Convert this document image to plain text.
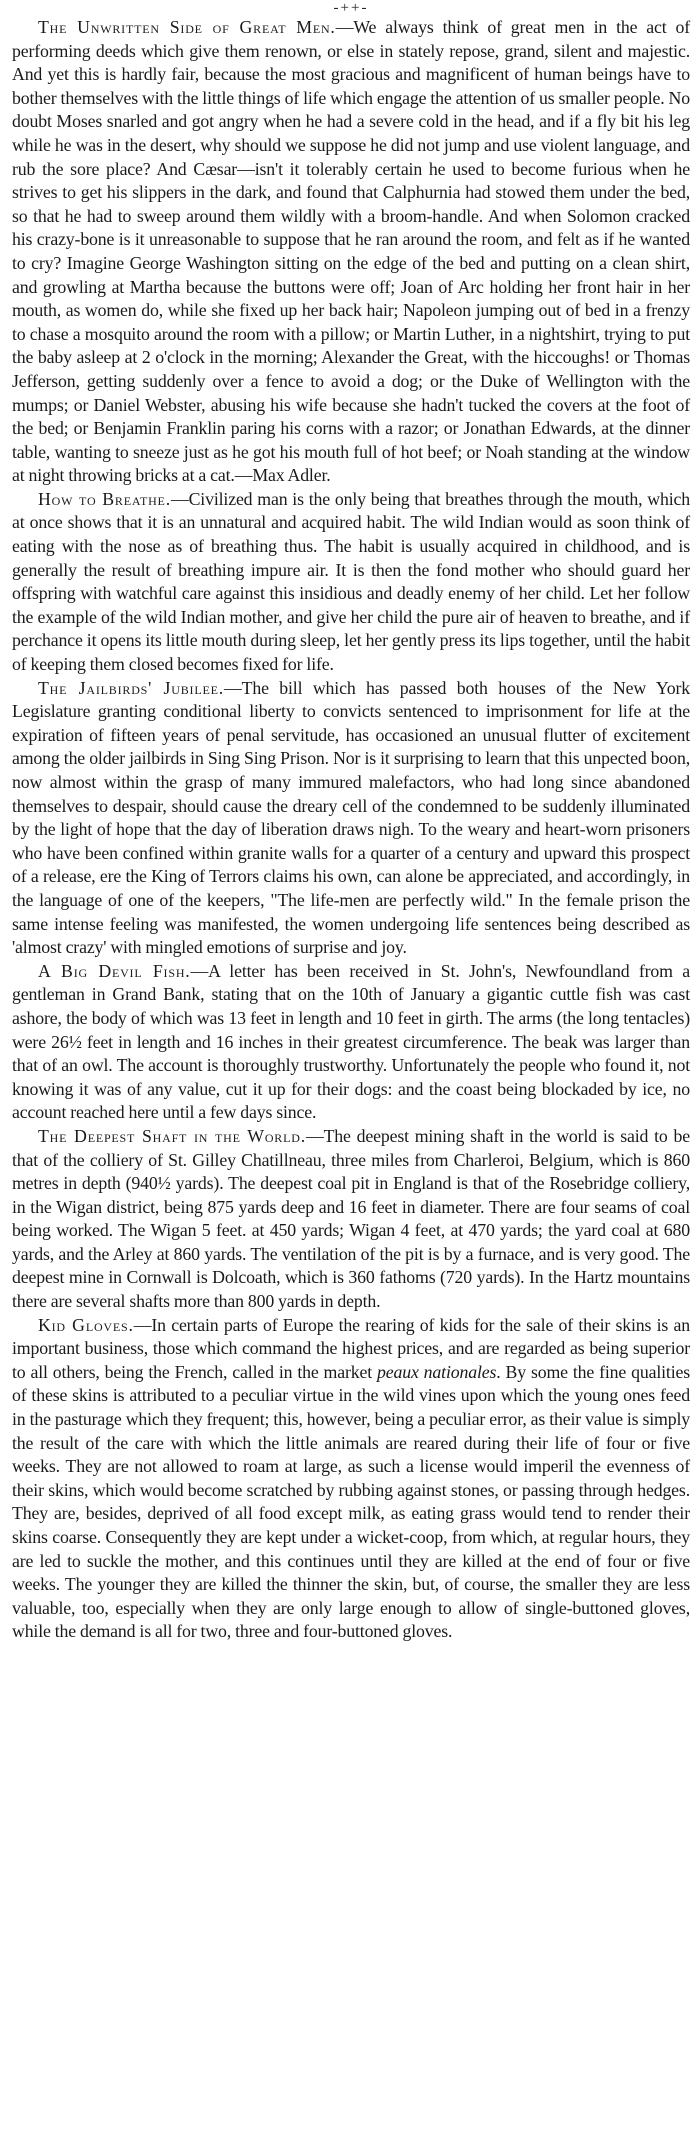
-++-

The Unwritten Side of Great Men.—We always think of great men in the act of performing deeds which give them renown, or else in stately repose, grand, silent and majestic. And yet this is hardly fair, because the most gracious and magnificent of human beings have to bother themselves with the little things of life which engage the attention of us smaller people. No doubt Moses snarled and got angry when he had a severe cold in the head, and if a fly bit his leg while he was in the desert, why should we suppose he did not jump and use violent language, and rub the sore place? And Cæsar—isn't it tolerably certain he used to become furious when he strives to get his slippers in the dark, and found that Calphurnia had stowed them under the bed, so that he had to sweep around them wildly with a broom-handle. And when Solomon cracked his crazy-bone is it unreasonable to suppose that he ran around the room, and felt as if he wanted to cry? Imagine George Washington sitting on the edge of the bed and putting on a clean shirt, and growling at Martha because the buttons were off; Joan of Arc holding her front hair in her mouth, as women do, while she fixed up her back hair; Napoleon jumping out of bed in a frenzy to chase a mosquito around the room with a pillow; or Martin Luther, in a nightshirt, trying to put the baby asleep at 2 o'clock in the morning; Alexander the Great, with the hiccoughs! or Thomas Jefferson, getting suddenly over a fence to avoid a dog; or the Duke of Wellington with the mumps; or Daniel Webster, abusing his wife because she hadn't tucked the covers at the foot of the bed; or Benjamin Franklin paring his corns with a razor; or Jonathan Edwards, at the dinner table, wanting to sneeze just as he got his mouth full of hot beef; or Noah standing at the window at night throwing bricks at a cat.—Max Adler.

How to Breathe.—Civilized man is the only being that breathes through the mouth, which at once shows that it is an unnatural and acquired habit. The wild Indian would as soon think of eating with the nose as of breathing thus. The habit is usually acquired in childhood, and is generally the result of breathing impure air. It is then the fond mother who should guard her offspring with watchful care against this insidious and deadly enemy of her child. Let her follow the example of the wild Indian mother, and give her child the pure air of heaven to breathe, and if perchance it opens its little mouth during sleep, let her gently press its lips together, until the habit of keeping them closed becomes fixed for life.

The Jailbirds' Jubilee.—The bill which has passed both houses of the New York Legislature granting conditional liberty to convicts sentenced to imprisonment for life at the expiration of fifteen years of penal servitude, has occasioned an unusual flutter of excitement among the older jailbirds in Sing Sing Prison. Nor is it surprising to learn that this unpected boon, now almost within the grasp of many immured malefactors, who had long since abandoned themselves to despair, should cause the dreary cell of the condemned to be suddenly illuminated by the light of hope that the day of liberation draws nigh. To the weary and heart-worn prisoners who have been confined within granite walls for a quarter of a century and upward this prospect of a release, ere the King of Terrors claims his own, can alone be appreciated, and accordingly, in the language of one of the keepers, "The life-men are perfectly wild." In the female prison the same intense feeling was manifested, the women undergoing life sentences being described as 'almost crazy' with mingled emotions of surprise and joy.

A Big Devil Fish.—A letter has been received in St. John's, Newfoundland from a gentleman in Grand Bank, stating that on the 10th of January a gigantic cuttle fish was cast ashore, the body of which was 13 feet in length and 10 feet in girth. The arms (the long tentacles) were 26½ feet in length and 16 inches in their greatest circumference. The beak was larger than that of an owl. The account is thoroughly trustworthy. Unfortunately the people who found it, not knowing it was of any value, cut it up for their dogs: and the coast being blockaded by ice, no account reached here until a few days since.

The Deepest Shaft in the World.—The deepest mining shaft in the world is said to be that of the colliery of St. Gilley Chatillneau, three miles from Charleroi, Belgium, which is 860 metres in depth (940½ yards). The deepest coal pit in England is that of the Rosebridge colliery, in the Wigan district, being 875 yards deep and 16 feet in diameter. There are four seams of coal being worked. The Wigan 5 feet. at 450 yards; Wigan 4 feet, at 470 yards; the yard coal at 680 yards, and the Arley at 860 yards. The ventilation of the pit is by a furnace, and is very good. The deepest mine in Cornwall is Dolcoath, which is 360 fathoms (720 yards). In the Hartz mountains there are several shafts more than 800 yards in depth.

Kid Gloves.—In certain parts of Europe the rearing of kids for the sale of their skins is an important business, those which command the highest prices, and are regarded as being superior to all others, being the French, called in the market peaux nationales. By some the fine qualities of these skins is attributed to a peculiar virtue in the wild vines upon which the young ones feed in the pasturage which they frequent; this, however, being a peculiar error, as their value is simply the result of the care with which the little animals are reared during their life of four or five weeks. They are not allowed to roam at large, as such a license would imperil the evenness of their skins, which would become scratched by rubbing against stones, or passing through hedges. They are, besides, deprived of all food except milk, as eating grass would tend to render their skins coarse. Consequently they are kept under a wicket-coop, from which, at regular hours, they are led to suckle the mother, and this continues until they are killed at the end of four or five weeks. The younger they are killed the thinner the skin, but, of course, the smaller they are less valuable, too, especially when they are only large enough to allow of single-buttoned gloves, while the demand is all for two, three and four-buttoned gloves.
